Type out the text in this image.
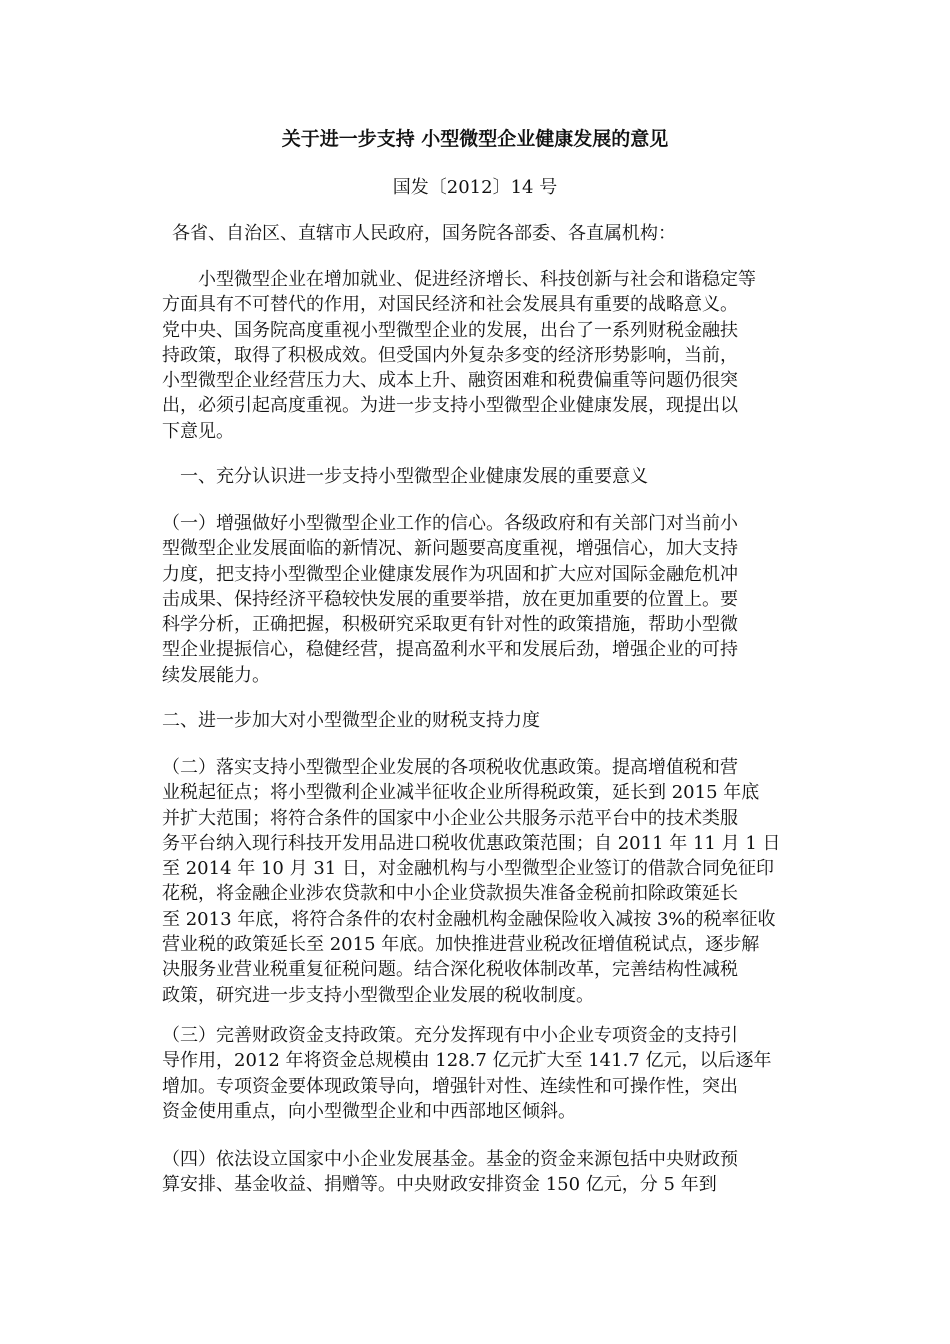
关于进一步支持 小型微型企业健康发展的意见

国发〔2012〕14 号

各省、自治区、直辖市人民政府，国务院各部委、各直属机构：

小型微型企业在增加就业、促进经济增长、科技创新与社会和谐稳定等
方面具有不可替代的作用，对国民经济和社会发展具有重要的战略意义。
党中央、国务院高度重视小型微型企业的发展，出台了一系列财税金融扶
持政策，取得了积极成效。但受国内外复杂多变的经济形势影响，当前，
小型微型企业经营压力大、成本上升、融资困难和税费偏重等问题仍很突
出，必须引起高度重视。为进一步支持小型微型企业健康发展，现提出以
下意见。

一、充分认识进一步支持小型微型企业健康发展的重要意义

（一）增强做好小型微型企业工作的信心。各级政府和有关部门对当前小
型微型企业发展面临的新情况、新问题要高度重视，增强信心，加大支持
力度，把支持小型微型企业健康发展作为巩固和扩大应对国际金融危机冲
击成果、保持经济平稳较快发展的重要举措，放在更加重要的位置上。要
科学分析，正确把握，积极研究采取更有针对性的政策措施，帮助小型微
型企业提振信心，稳健经营，提高盈利水平和发展后劲，增强企业的可持
续发展能力。

二、进一步加大对小型微型企业的财税支持力度

（二）落实支持小型微型企业发展的各项税收优惠政策。提高增值税和营
业税起征点；将小型微利企业减半征收企业所得税政策，延长到 2015 年底
并扩大范围；将符合条件的国家中小企业公共服务示范平台中的技术类服
务平台纳入现行科技开发用品进口税收优惠政策范围；自 2011 年 11 月 1 日
至 2014 年 10 月 31 日，对金融机构与小型微型企业签订的借款合同免征印
花税，将金融企业涉农贷款和中小企业贷款损失准备金税前扣除政策延长
至 2013 年底，将符合条件的农村金融机构金融保险收入减按 3%的税率征收
营业税的政策延长至 2015 年底。加快推进营业税改征增值税试点，逐步解
决服务业营业税重复征税问题。结合深化税收体制改革，完善结构性减税
政策，研究进一步支持小型微型企业发展的税收制度。

（三）完善财政资金支持政策。充分发挥现有中小企业专项资金的支持引
导作用，2012 年将资金总规模由 128.7 亿元扩大至 141.7 亿元，以后逐年
增加。专项资金要体现政策导向，增强针对性、连续性和可操作性，突出
资金使用重点，向小型微型企业和中西部地区倾斜。

（四）依法设立国家中小企业发展基金。基金的资金来源包括中央财政预
算安排、基金收益、捐赠等。中央财政安排资金 150 亿元，分 5 年到
